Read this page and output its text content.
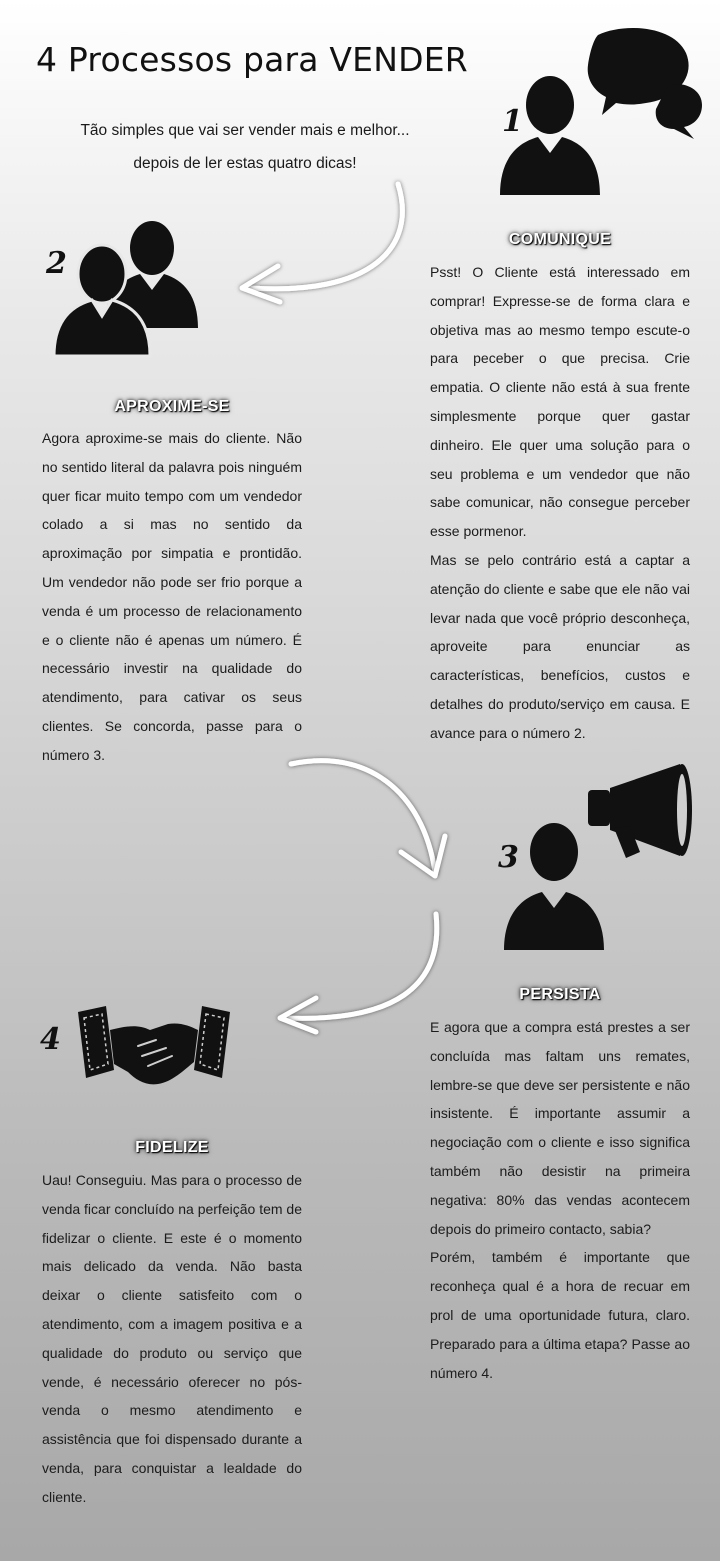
4 Processos para VENDER
Tão simples que vai ser vender mais e melhor...
depois de ler estas quatro dicas!
1
COMUNIQUE

Psst! O Cliente está interessado em comprar! Expresse-se de forma clara e objetiva mas ao mesmo tempo escute-o para peceber o que precisa. Crie empatia. O cliente não está à sua frente simplesmente porque quer gastar dinheiro. Ele quer uma solução para o seu problema e um vendedor que não sabe comunicar, não consegue perceber esse pormenor.

Mas se pelo contrário está a captar a atenção do cliente e sabe que ele não vai levar nada que você próprio desconheça, aproveite para enunciar as características, benefícios, custos e detalhes do produto/serviço em causa. E avance para o número 2.

2
APROXIME-SE

Agora aproxime-se mais do cliente. Não no sentido literal da palavra pois ninguém quer ficar muito tempo com um vendedor colado a si mas no sentido da aproximação por simpatia e prontidão. Um vendedor não pode ser frio porque a venda é um processo de relacionamento e o cliente não é apenas um número. É necessário investir na qualidade do atendimento, para cativar os seus clientes. Se concorda, passe para o número 3.

3
PERSISTA

E agora que a compra está prestes a ser concluída mas faltam uns remates, lembre-se que deve ser persistente e não insistente. É importante assumir a negociação com o cliente e isso significa também não desistir na primeira negativa: 80% das vendas acontecem depois do primeiro contacto, sabia?

Porém, também é importante que reconheça qual é a hora de recuar em prol de uma oportunidade futura, claro. Preparado para a última etapa? Passe ao número 4.

4
FIDELIZE

Uau! Conseguiu. Mas para o processo de venda ficar concluído na perfeição tem de fidelizar o cliente. E este é o momento mais delicado da venda. Não basta deixar o cliente satisfeito com o atendimento, com a imagem positiva e a qualidade do produto ou serviço que vende, é necessário oferecer no pós-venda o mesmo atendimento e assistência que foi dispensado durante a venda, para conquistar a lealdade do cliente.
